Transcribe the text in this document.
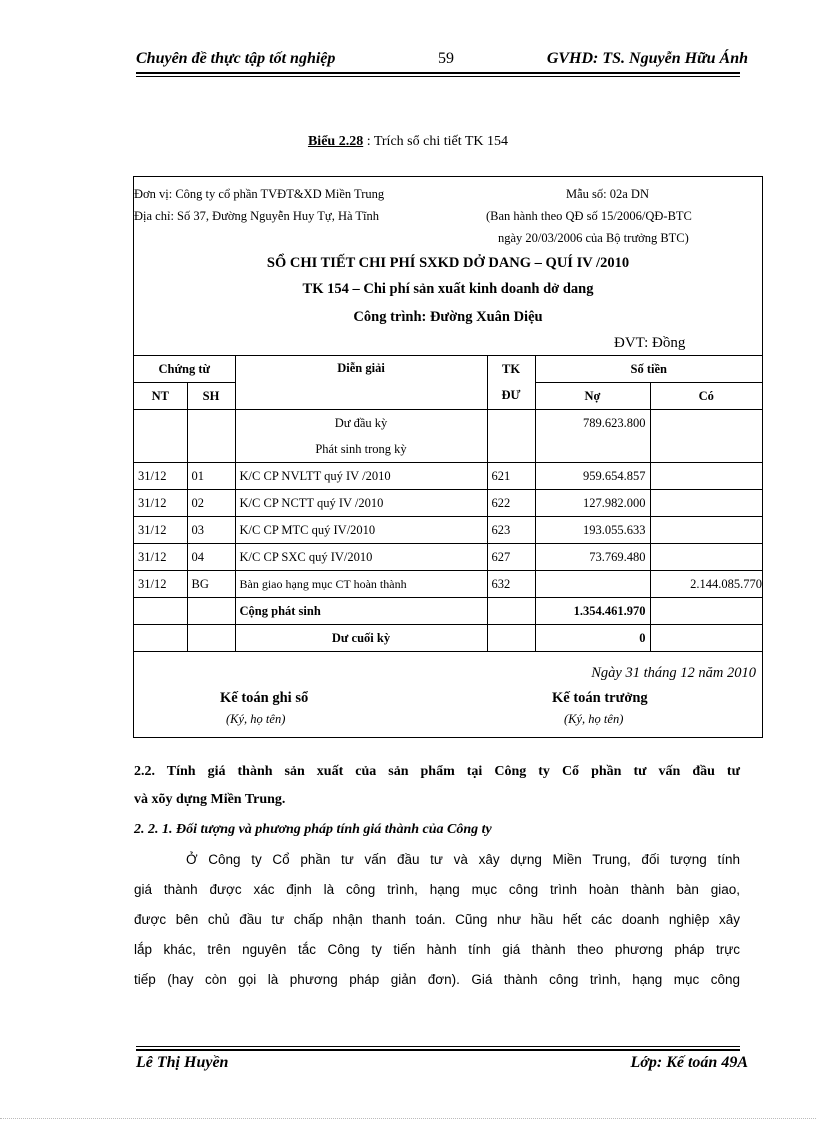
Chuyên đề thực tập tốt nghiệp	59	GVHD: TS. Nguyễn Hữu Ánh
Biểu 2.28 : Trích sổ chi tiết TK 154
Đơn vị: Công ty cổ phần TVĐT&XD Miền Trung
Địa chỉ: Số 37, Đường Nguyễn Huy Tự, Hà Tĩnh
Mẫu số: 02a DN
(Ban hành theo QĐ số 15/2006/QĐ-BTC
ngày 20/03/2006 của Bộ trưởng BTC)
SỔ CHI TIẾT CHI PHÍ SXKD DỞ DANG – QUÍ IV /2010
TK 154 – Chi phí sản xuất kinh doanh dở dang
Công trình: Đường Xuân Diệu
ĐVT: Đồng
Chứng từ		Diễn giải	TK	Số tiền	
NT	SH		ĐƯ	Nợ	Có
		Dư đầu kỳ		789.623.800	
		Phát sinh trong kỳ			
31/12	01	K/C CP NVLTT quý IV /2010	621	959.654.857	
31/12	02	K/C CP NCTT quý IV /2010	622	127.982.000	
31/12	03	K/C CP MTC quý IV/2010	623	193.055.633	
31/12	04	K/C CP SXC quý IV/2010	627	73.769.480	
31/12	BG	Bàn giao hạng mục CT hoàn thành	632		2.144.085.770
		Cộng phát sinh		1.354.461.970	
		Dư cuối kỳ		0	
Ngày 31 tháng 12 năm 2010
Kế toán ghi sổ
(Ký, họ tên)
Kế toán trưởng
(Ký, họ tên)
2.2. Tính giá thành sản xuất của sản phẩm tại Công ty Cổ phần tư vấn đầu tư
và xõy dựng Miền Trung.
2. 2. 1. Đối tượng và phương pháp tính giá thành của Công ty
Ở Công ty Cổ phần tư vấn đầu tư và xây dựng Miền Trung, đối tượng tính
giá thành được xác định là công trình, hạng mục công trình hoàn thành bàn giao,
được bên chủ đầu tư chấp nhận thanh toán. Cũng như hầu hết các doanh nghiệp xây
lắp khác, trên nguyên tắc Công ty tiến hành tính giá thành theo phương pháp trực
tiếp (hay còn gọi là phương pháp giản đơn). Giá thành công trình, hạng mục công
Lê Thị Huyền	Lớp: Kế toán 49A
